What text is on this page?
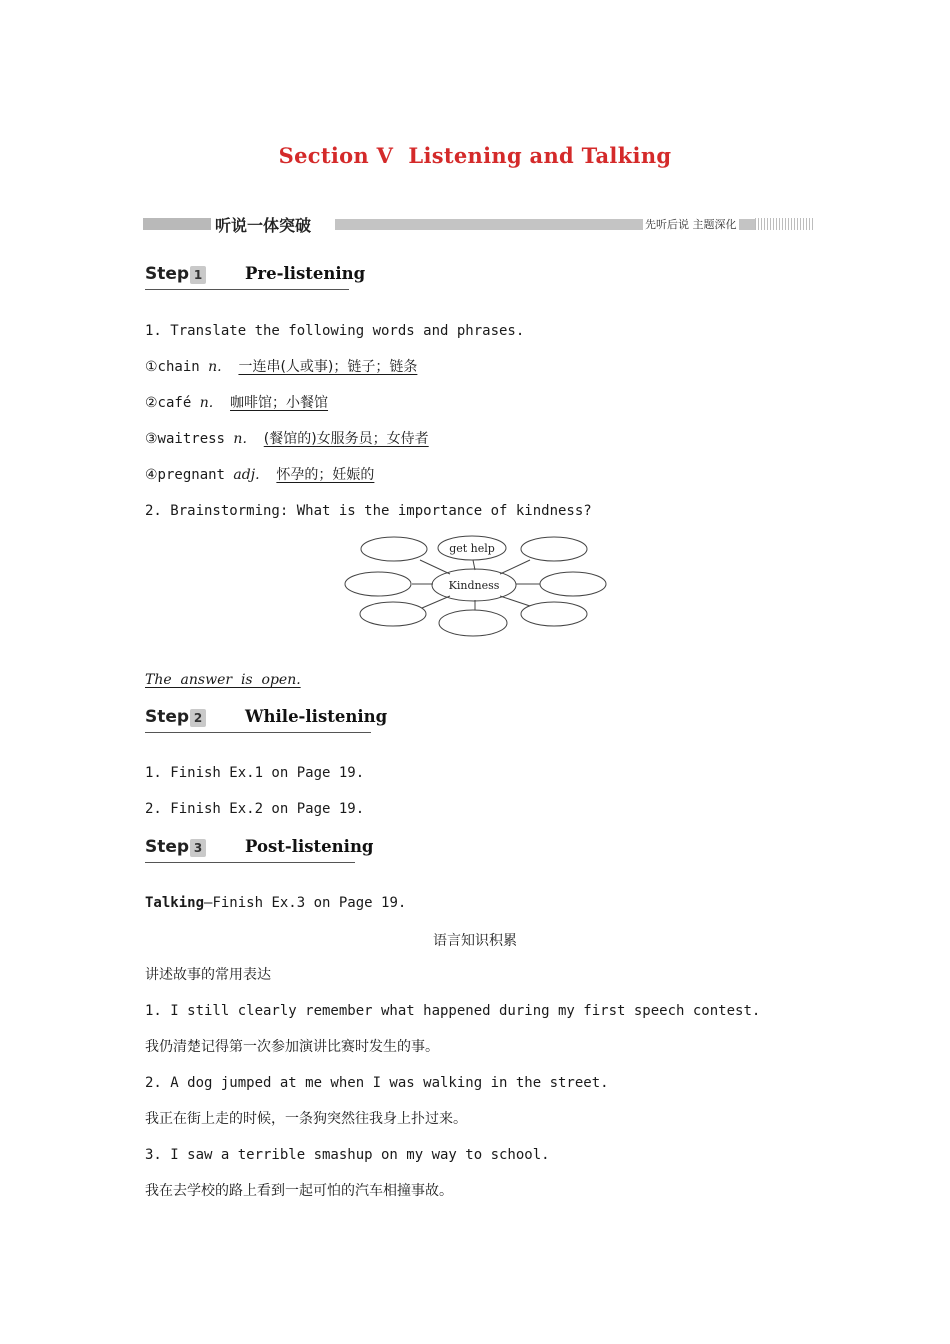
Section V  Listening and Talking
听说一体突破	先听后说 主题深化
Step 1	Pre-listening
1. Translate the following words and phrases.
①chain n. 一连串(人或事)；链子；链条
②café n. 咖啡馆；小餐馆
③waitress n. (餐馆的)女服务员；女侍者
④pregnant adj. 怀孕的；妊娠的
2. Brainstorming: What is the importance of kindness?
get help
Kindness
The  answer  is  open.
Step 2	While-listening
1. Finish Ex.1 on Page 19.
2. Finish Ex.2 on Page 19.
Step 3	Post-listening
Talking—Finish Ex.3 on Page 19.
语言知识积累
讲述故事的常用表达
1. I still clearly remember what happened during my first speech contest.
我仍清楚记得第一次参加演讲比赛时发生的事。
2. A dog jumped at me when I was walking in the street.
我正在街上走的时候，一条狗突然往我身上扑过来。
3. I saw a terrible smashup on my way to school.
我在去学校的路上看到一起可怕的汽车相撞事故。
